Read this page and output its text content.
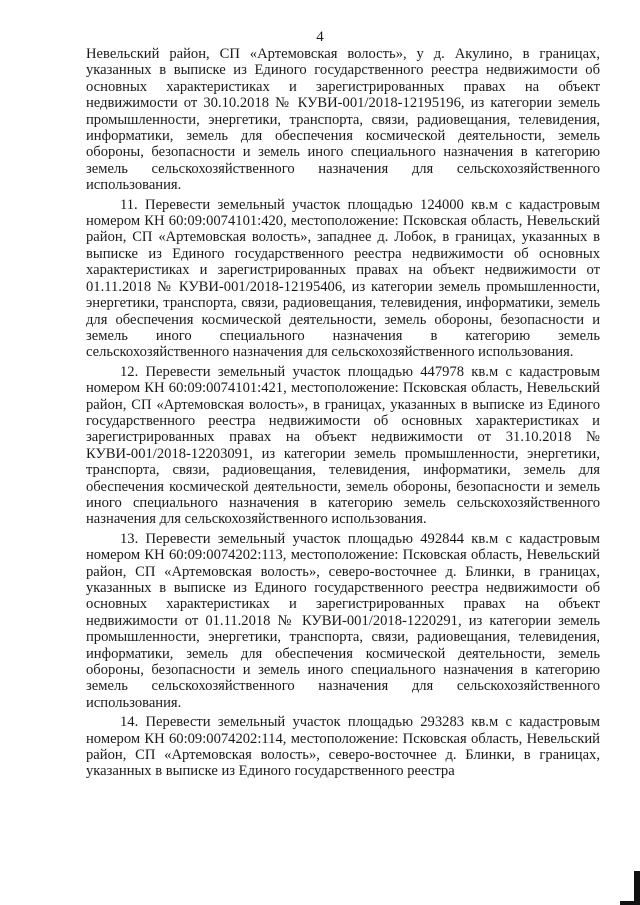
4

Невельский район, СП «Артемовская волость», у д. Акулино, в границах, указанных в выписке из Единого государственного реестра недвижимости об основных характеристиках и зарегистрированных правах на объект недвижимости от 30.10.2018 № КУВИ-001/2018-12195196, из категории земель промышленности, энергетики, транспорта, связи, радиовещания, телевидения, информатики, земель для обеспечения космической деятельности, земель обороны, безопасности и земель иного специального назначения в категорию земель сельскохозяйственного назначения для сельскохозяйственного использования.

11. Перевести земельный участок площадью 124000 кв.м с кадастровым номером КН 60:09:0074101:420, местоположение: Псковская область, Невельский район, СП «Артемовская волость», западнее д. Лобок, в границах, указанных в выписке из Единого государственного реестра недвижимости об основных характеристиках и зарегистрированных правах на объект недвижимости от 01.11.2018 № КУВИ-001/2018-12195406, из категории земель промышленности, энергетики, транспорта, связи, радиовещания, телевидения, информатики, земель для обеспечения космической деятельности, земель обороны, безопасности и земель иного специального назначения в категорию земель сельскохозяйственного назначения для сельскохозяйственного использования.

12. Перевести земельный участок площадью 447978 кв.м с кадастровым номером КН 60:09:0074101:421, местоположение: Псковская область, Невельский район, СП «Артемовская волость», в границах, указанных в выписке из Единого государственного реестра недвижимости об основных характеристиках и зарегистрированных правах на объект недвижимости от 31.10.2018 № КУВИ-001/2018-12203091, из категории земель промышленности, энергетики, транспорта, связи, радиовещания, телевидения, информатики, земель для обеспечения космической деятельности, земель обороны, безопасности и земель иного специального назначения в категорию земель сельскохозяйственного назначения для сельскохозяйственного использования.

13. Перевести земельный участок площадью 492844 кв.м с кадастровым номером КН 60:09:0074202:113, местоположение: Псковская область, Невельский район, СП «Артемовская волость», северо-восточнее д. Блинки, в границах, указанных в выписке из Единого государственного реестра недвижимости об основных характеристиках и зарегистрированных правах на объект недвижимости от 01.11.2018 № КУВИ-001/2018-1220291, из категории земель промышленности, энергетики, транспорта, связи, радиовещания, телевидения, информатики, земель для обеспечения космической деятельности, земель обороны, безопасности и земель иного специального назначения в категорию земель сельскохозяйственного назначения для сельскохозяйственного использования.

14. Перевести земельный участок площадью 293283 кв.м с кадастровым номером КН 60:09:0074202:114, местоположение: Псковская область, Невельский район, СП «Артемовская волость», северо-восточнее д. Блинки, в границах, указанных в выписке из Единого государственного реестра
